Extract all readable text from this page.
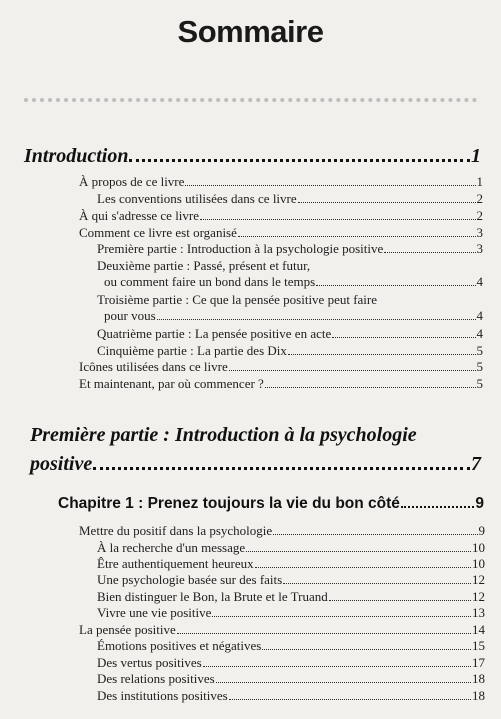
Sommaire
Introduction	1
À propos de ce livre	1
Les conventions utilisées dans ce livre	2
À qui s'adresse ce livre	2
Comment ce livre est organisé	3
Première partie : Introduction à la psychologie positive	3
Deuxième partie : Passé, présent et futur,
ou comment faire un bond dans le temps	4
Troisième partie : Ce que la pensée positive peut faire
pour vous	4
Quatrième partie : La pensée positive en acte	4
Cinquième partie : La partie des Dix	5
Icônes utilisées dans ce livre	5
Et maintenant, par où commencer ?	5
Première partie : Introduction à la psychologie
positive	7
Chapitre 1 : Prenez toujours la vie du bon côté	9
Mettre du positif dans la psychologie	9
À la recherche d'un message	10
Être authentiquement heureux	10
Une psychologie basée sur des faits	12
Bien distinguer le Bon, la Brute et le Truand	12
Vivre une vie positive	13
La pensée positive	14
Émotions positives et négatives	15
Des vertus positives	17
Des relations positives	18
Des institutions positives	18
